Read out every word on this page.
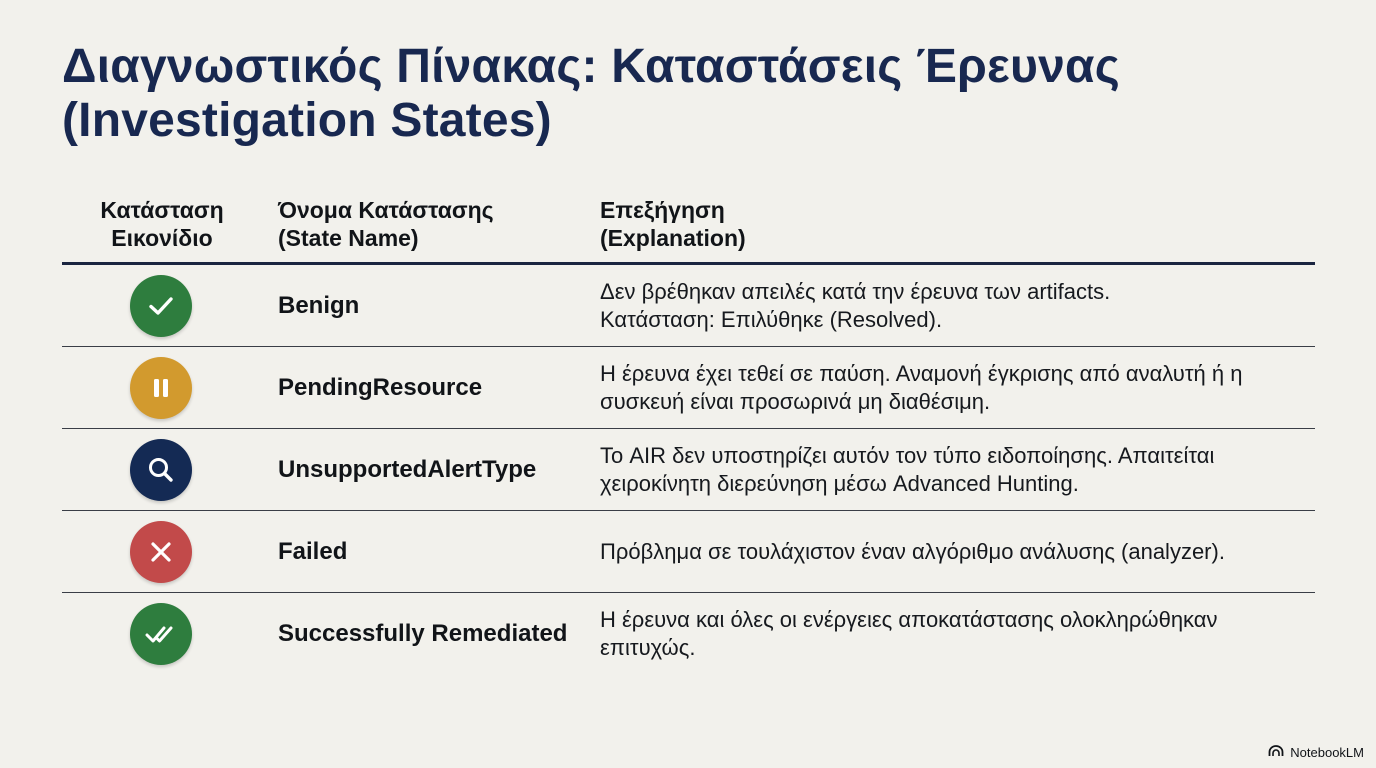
Διαγνωστικός Πίνακας: Καταστάσεις Έρευνας
(Investigation States)
Κατάσταση
Εικονίδιο
Όνομα Κατάστασης
(State Name)
Επεξήγηση
(Explanation)
Benign
Δεν βρέθηκαν απειλές κατά την έρευνα των artifacts.
Κατάσταση: Επιλύθηκε (Resolved).
PendingResource
Η έρευνα έχει τεθεί σε παύση. Αναμονή έγκρισης από αναλυτή ή η
συσκευή είναι προσωρινά μη διαθέσιμη.
UnsupportedAlertType
Το AIR δεν υποστηρίζει αυτόν τον τύπο ειδοποίησης. Απαιτείται
χειροκίνητη διερεύνηση μέσω Advanced Hunting.
Failed	Πρόβλημα σε τουλάχιστον έναν αλγόριθμο ανάλυσης (analyzer).
Successfully Remediated
Η έρευνα και όλες οι ενέργειες αποκατάστασης ολοκληρώθηκαν
επιτυχώς.
NotebookLM
